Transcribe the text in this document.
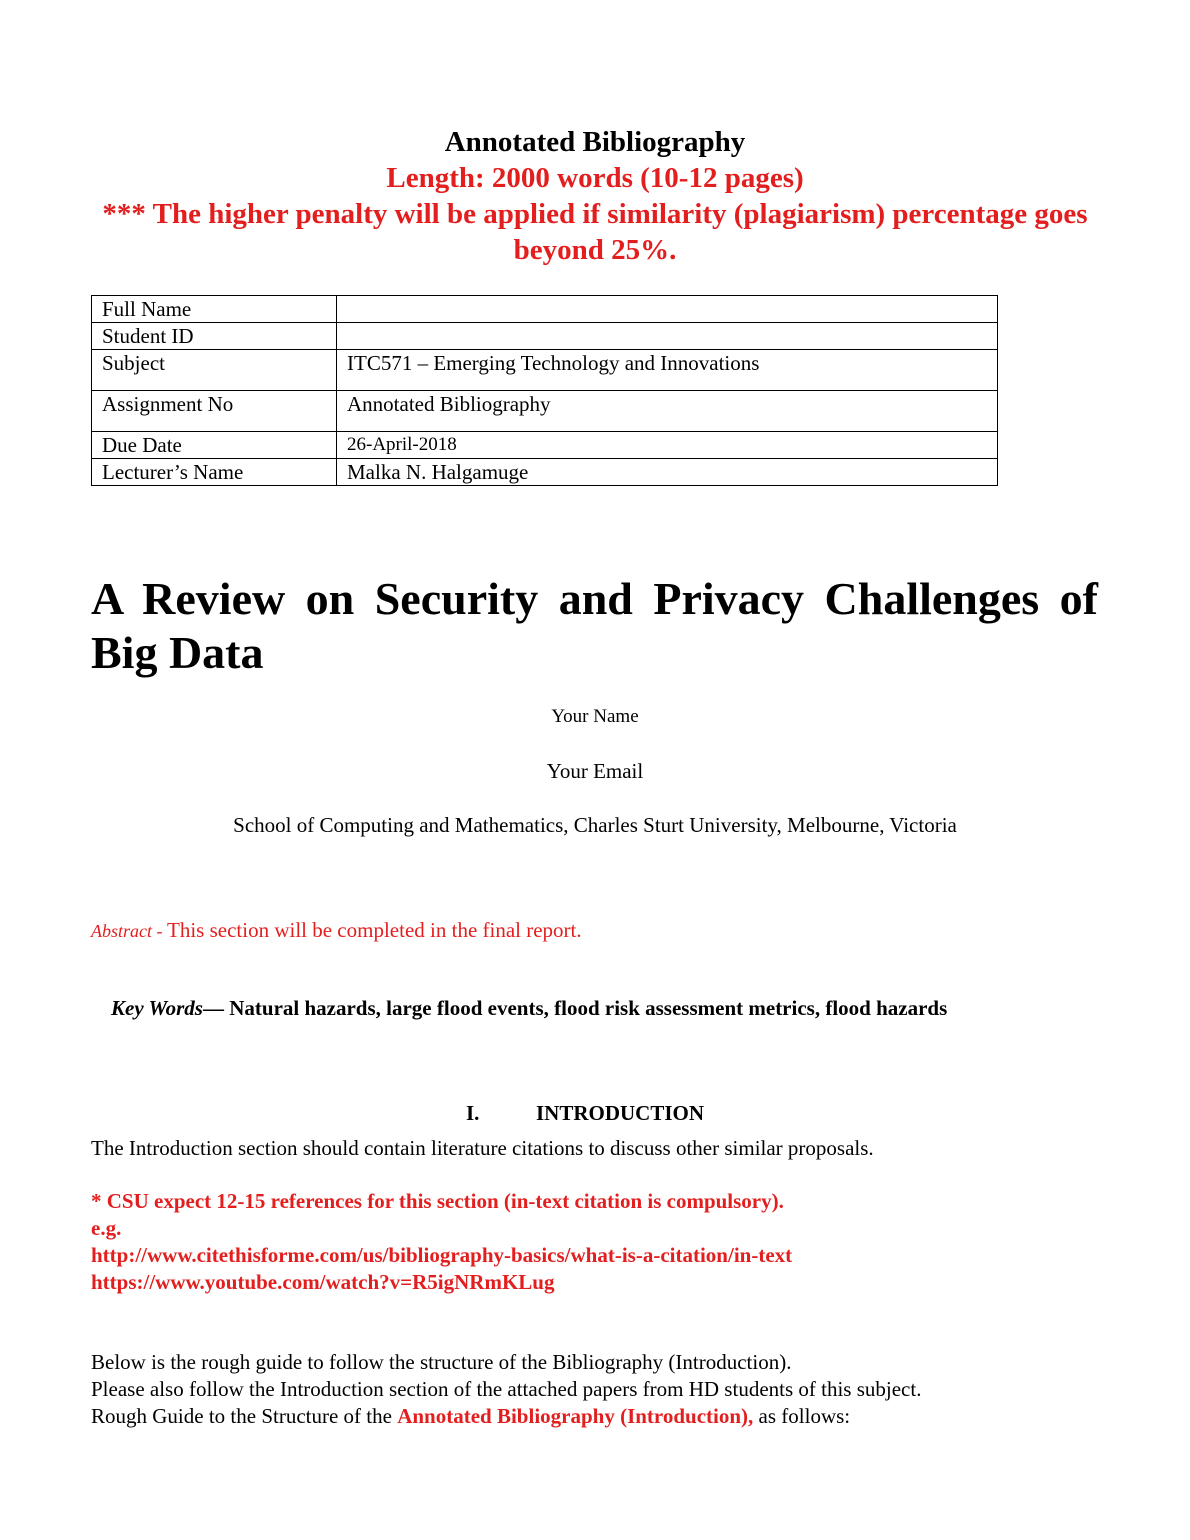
Annotated Bibliography
Length: 2000 words (10-12 pages)
*** The higher penalty will be applied if similarity (plagiarism) percentage goes beyond 25%.
Full Name	
Student ID	
Subject	ITC571 – Emerging Technology and Innovations
Assignment No	Annotated Bibliography
Due Date	26-April-2018
Lecturer’s Name	Malka N. Halgamuge
A Review on Security and Privacy Challenges of Big Data
Your Name
Your Email
School of Computing and Mathematics, Charles Sturt University, Melbourne, Victoria
Abstract - This section will be completed in the final report.
Key Words— Natural hazards, large flood events, flood risk assessment metrics, flood hazards
I.	INTRODUCTION
The Introduction section should contain literature citations to discuss other similar proposals.
* CSU expect 12-15 references for this section (in-text citation is compulsory).
e.g.
http://www.citethisforme.com/us/bibliography-basics/what-is-a-citation/in-text
https://www.youtube.com/watch?v=R5igNRmKLug
Below is the rough guide to follow the structure of the Bibliography (Introduction).
Please also follow the Introduction section of the attached papers from HD students of this subject.
Rough Guide to the Structure of the Annotated Bibliography (Introduction), as follows:
